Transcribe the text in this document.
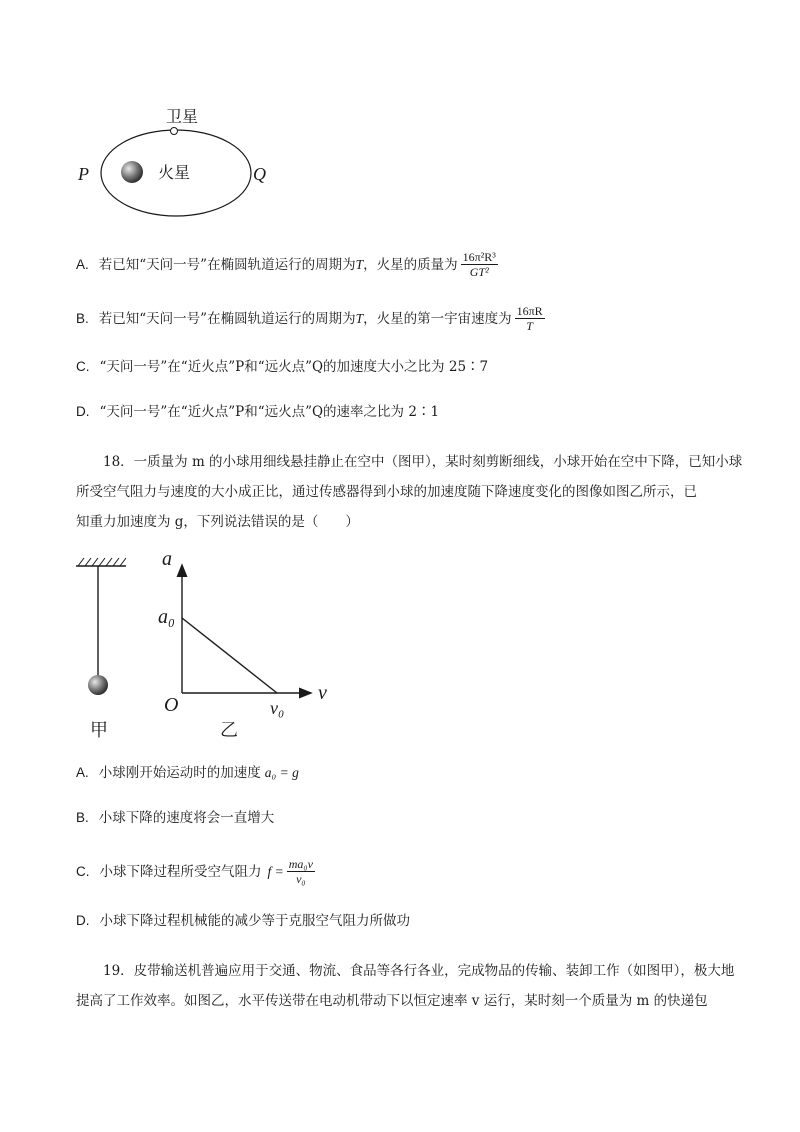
卫星
火星
P	Q
A. 若已知“天问一号”在椭圆轨道运行的周期为 T ，火星的质量为 $\frac{\text{16π²R³}}{\text{GT²}}$
B. 若已知“天问一号”在椭圆轨道运行的周期为 T ，火星的第一宇宙速度为 $\frac{16\pi R}{T}$
C. “天问一号”在“近火点”P和“远火点”Q的加速度大小之比为 25∶7
D. “天问一号”在“近火点”P和“远火点”Q的速率之比为 2∶1
18．一质量为 m 的小球用细线悬挂静止在空中（图甲），某时刻剪断细线，小球开始在空中下降，已知小球
所受空气阻力与速度的大小成正比，通过传感器得到小球的加速度随下降速度变化的图像如图乙所示，已
知重力加速度为 g，下列说法错误的是（　　）
a
a₀
O	v₀
v
甲	乙
A. 小球刚开始运动时的加速度 a₀ = g
B. 小球下降的速度将会一直增大
C. 小球下降过程所受空气阻力 $f = \frac{\text{ma₀v}}{\text{v₀}}$
D. 小球下降过程机械能的减少等于克服空气阻力所做功
19．皮带输送机普遍应用于交通、物流、食品等各行各业，完成物品的传输、装卸工作（如图甲），极大地
提高了工作效率。如图乙，水平传送带在电动机带动下以恒定速率 v 运行，某时刻一个质量为 m 的快递包
